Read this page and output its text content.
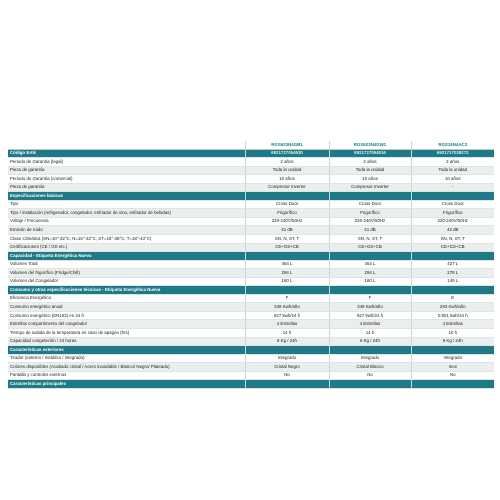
	RGS623N4GB1	RGS623N4GW1	RGS15N4AC2
Código EAN	6921727054630	6921727054616	6921727038272
Periodo de Garantía (legal)	2 años	2 años	2 años
Pieza de garantía	Toda la unidad	Toda la unidad	Toda la unidad
Periodo de Garantía (comercial)	10 años	10 años	10 años
Pieza de garantía	Compresor Inverter	Compresor Inverter	-
Especificaciones básicas			
Tipo	Cross Door	Cross Door	Cross Door
Tipo / instalación (refrigerador, congelador, enfriador de vino, enfriador de bebidas)	Frigorífico	Frigorífico	Frigorífico
Voltaje / Frecuencia	220-240V/50Hz	220-240V/50Hz	220-240V/50Hz
Emisión de ruido	41 dB	41 dB	42 dB
Clase Climática (SN=10°-32°C, N=16°-32°C, ST=18°-38°C, T=18°-43°C)	SN, N, ST, T	SN, N, ST, T	SN, N, ST, T
Certificaciones (CE / GS etc.)	CE+GS+CB	CE+GS+CB	CE+GS+CB
Capacidad - Etiqueta Energética Nueva			
Volumen Total	454 L	454 L	427 L
Volumen del frigorífico (Fridge/Chill)	294 L	294 L	278 L
Volumen del Congelador	160 L	160 L	149 L
Consumo y otras especificaciones técnicas - Etiqueta Energética Nueva			
Eficiencia Energética	F	F	E
Consumo energético anual	349 Kwh/año	349 Kwh/año	293 Kwh/año
Consumo energético (EN153) en 24 h	927 kwh/24 h	927 kwh/24 h	0.801 kwh/24 h
Estrellas compartimento del congelador	4 Estrellas	4 Estrellas	4 Estrellas
Tiempo de subida de la temperatura en caso de apagón (hrs)	14 h	14 h	10 h
Capacidad congelación / 24 horas	6 Kg / 24h	6 Kg / 24h	9 Kg / 24h
Características exteriores			
Tirador (externo / metálico / integrado)	Integrado	Integrado	Integrado
Colores disponibles (Acabado cristal / Acero inoxidable / Blanco/ Negro/ Plateado)	Cristal Negro	Cristal Blanco	Inox
Pantalla y controles externos	No	No	No
Características principales			
